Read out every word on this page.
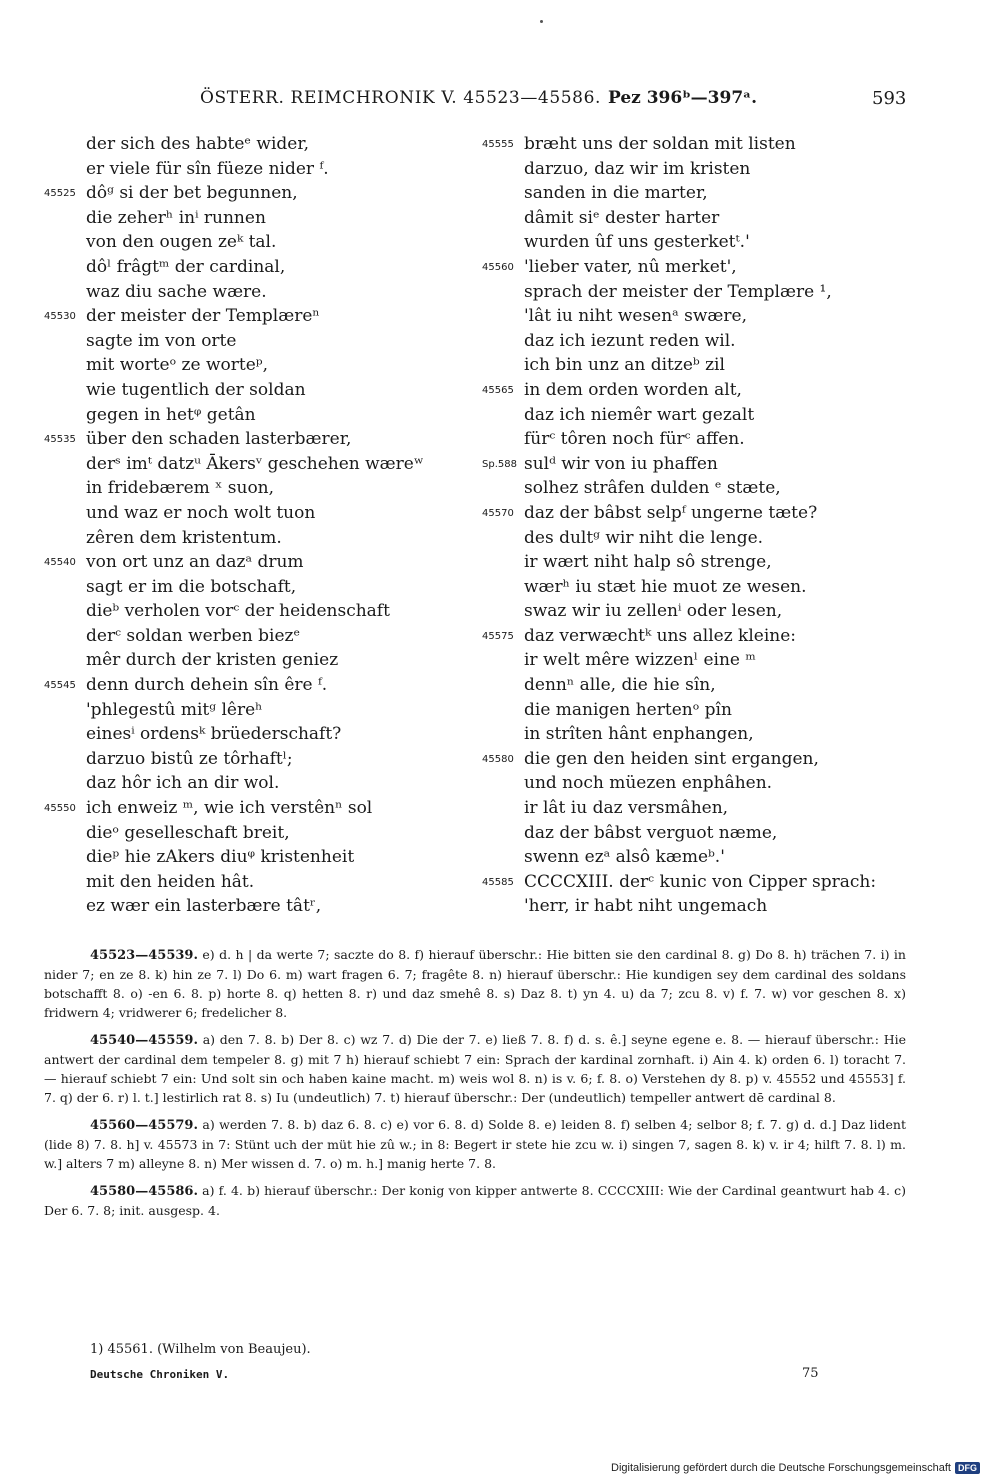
ÖSTERR. REIMCHRONIK V. 45523—45586. Pez 396ᵇ—397ᵃ.	593
der sich des habteᵉ wider,
er viele für sîn füeze nider ᶠ.
45525 dôᵍ si der bet begunnen,
die zeherʰ inⁱ runnen
von den ougen zeᵏ tal.
dôˡ frâgtᵐ der cardinal,
waz diu sache wære.
45530 der meister der Templæreⁿ
sagte im von orte
mit worteᵒ ze worteᵖ,
wie tugentlich der soldan
gegen in hetᵠ getân
45535 über den schaden lasterbærer,
derˢ imᵗ datzᵘ Ākersᵛ geschehen wæreʷ
in fridebærem ˣ suon,
und waz er noch wolt tuon
zêren dem kristentum.
45540 von ort unz an dazᵃ drum
sagt er im die botschaft,
dieᵇ verholen vorᶜ der heidenschaft
derᶜ soldan werben biezᵉ
mêr durch der kristen geniez
45545 denn durch dehein sîn êre ᶠ.
'phlegestû mitᵍ lêreʰ
einesⁱ ordensᵏ brüederschaft?
darzuo bistû ze tôrhaftˡ;
daz hôr ich an dir wol.
45550 ich enweiz ᵐ, wie ich verstênⁿ sol
dieᵒ geselleschaft breit,
dieᵖ hie zAkers diuᵠ kristenheit
mit den heiden hât.
ez wær ein lasterbære tâtʳ,
45555 bræht uns der soldan mit listen
darzuo, daz wir im kristen
sanden in die marter,
dâmit siᵉ dester harter
wurden ûf uns gesterketᵗ.'
45560 'lieber vater, nû merket',
sprach der meister der Templære ¹,
'lât iu niht wesenᵃ swære,
daz ich iezunt reden wil.
ich bin unz an ditzeᵇ zil
45565 in dem orden worden alt,
daz ich niemêr wart gezalt
fürᶜ tôren noch fürᶜ affen.
Sp.588 sulᵈ wir von iu phaffen
solhez strâfen dulden ᵉ stæte,
45570 daz der bâbst selpᶠ ungerne tæte?
des dultᵍ wir niht die lenge.
ir wært niht halp sô strenge,
wærʰ iu stæt hie muot ze wesen.
swaz wir iu zellenⁱ oder lesen,
45575 daz verwæchtᵏ uns allez kleine:
ir welt mêre wizzenˡ eine ᵐ
dennⁿ alle, die hie sîn,
die manigen hertenᵒ pîn
in strîten hânt enphangen,
45580 die gen den heiden sint ergangen,
und noch müezen enphâhen.
ir lât iu daz versmâhen,
daz der bâbst verguot næme,
swenn ezᵃ alsô kæmeᵇ.'
45585 CCCCXIII. derᶜ kunic von Cipper sprach:
'herr, ir habt niht ungemach

45523—45539. e) d. h | da werte 7; saczte do 8. f) hierauf überschr.: Hie bitten sie den cardinal 8. g) Do 8. h) trächen 7. i) in nider 7; en ze 8. k) hin ze 7. l) Do 6. m) wart fragen 6. 7; fragête 8. n) hierauf überschr.: Hie kundigen sey dem cardinal des soldans botschafft 8. o) -en 6. 8. p) horte 8. q) hetten 8. r) und daz smehê 8. s) Daz 8. t) yn 4. u) da 7; zcu 8. v) f. 7. w) vor geschen 8. x) fridwern 4; vridwerer 6; fredelicher 8.

45540—45559. a) den 7. 8. b) Der 8. c) wz 7. d) Die der 7. e) ließ 7. 8. f) d. s. ê.] seyne egene e. 8. — hierauf überschr.: Hie antwert der cardinal dem tempeler 8. g) mit 7 h) hierauf schiebt 7 ein: Sprach der kardinal zornhaft. i) Ain 4. k) orden 6. l) toracht 7. — hierauf schiebt 7 ein: Und solt sin och haben kaine macht. m) weis wol 8. n) is v. 6; f. 8. o) Verstehen dy 8. p) v. 45552 und 45553] f. 7. q) der 6. r) l. t.] lestirlich rat 8. s) Iu (undeutlich) 7. t) hierauf überschr.: Der (undeutlich) tempeller antwert dē cardinal 8.

45560—45579. a) werden 7. 8. b) daz 6. 8. c) e) vor 6. 8. d) Solde 8. e) leiden 8. f) selben 4; selbor 8; f. 7. g) d. d.] Daz lident (lide 8) 7. 8. h] v. 45573 in 7: Stünt uch der müt hie zû w.; in 8: Begert ir stete hie zcu w. i) singen 7, sagen 8. k) v. ir 4; hilft 7. 8. l) m. w.] alters 7 m) alleyne 8. n) Mer wissen d. 7. o) m. h.] manig herte 7. 8.

45580—45586. a) f. 4. b) hierauf überschr.: Der konig von kipper antwerte 8. CCCCXIII: Wie der Cardinal geantwurt hab 4. c) Der 6. 7. 8; init. ausgesp. 4.

1) 45561. (Wilhelm von Beaujeu).
Deutsche Chroniken V.	75
Digitalisierung gefördert durch die Deutsche Forschungsgemeinschaft DFG
